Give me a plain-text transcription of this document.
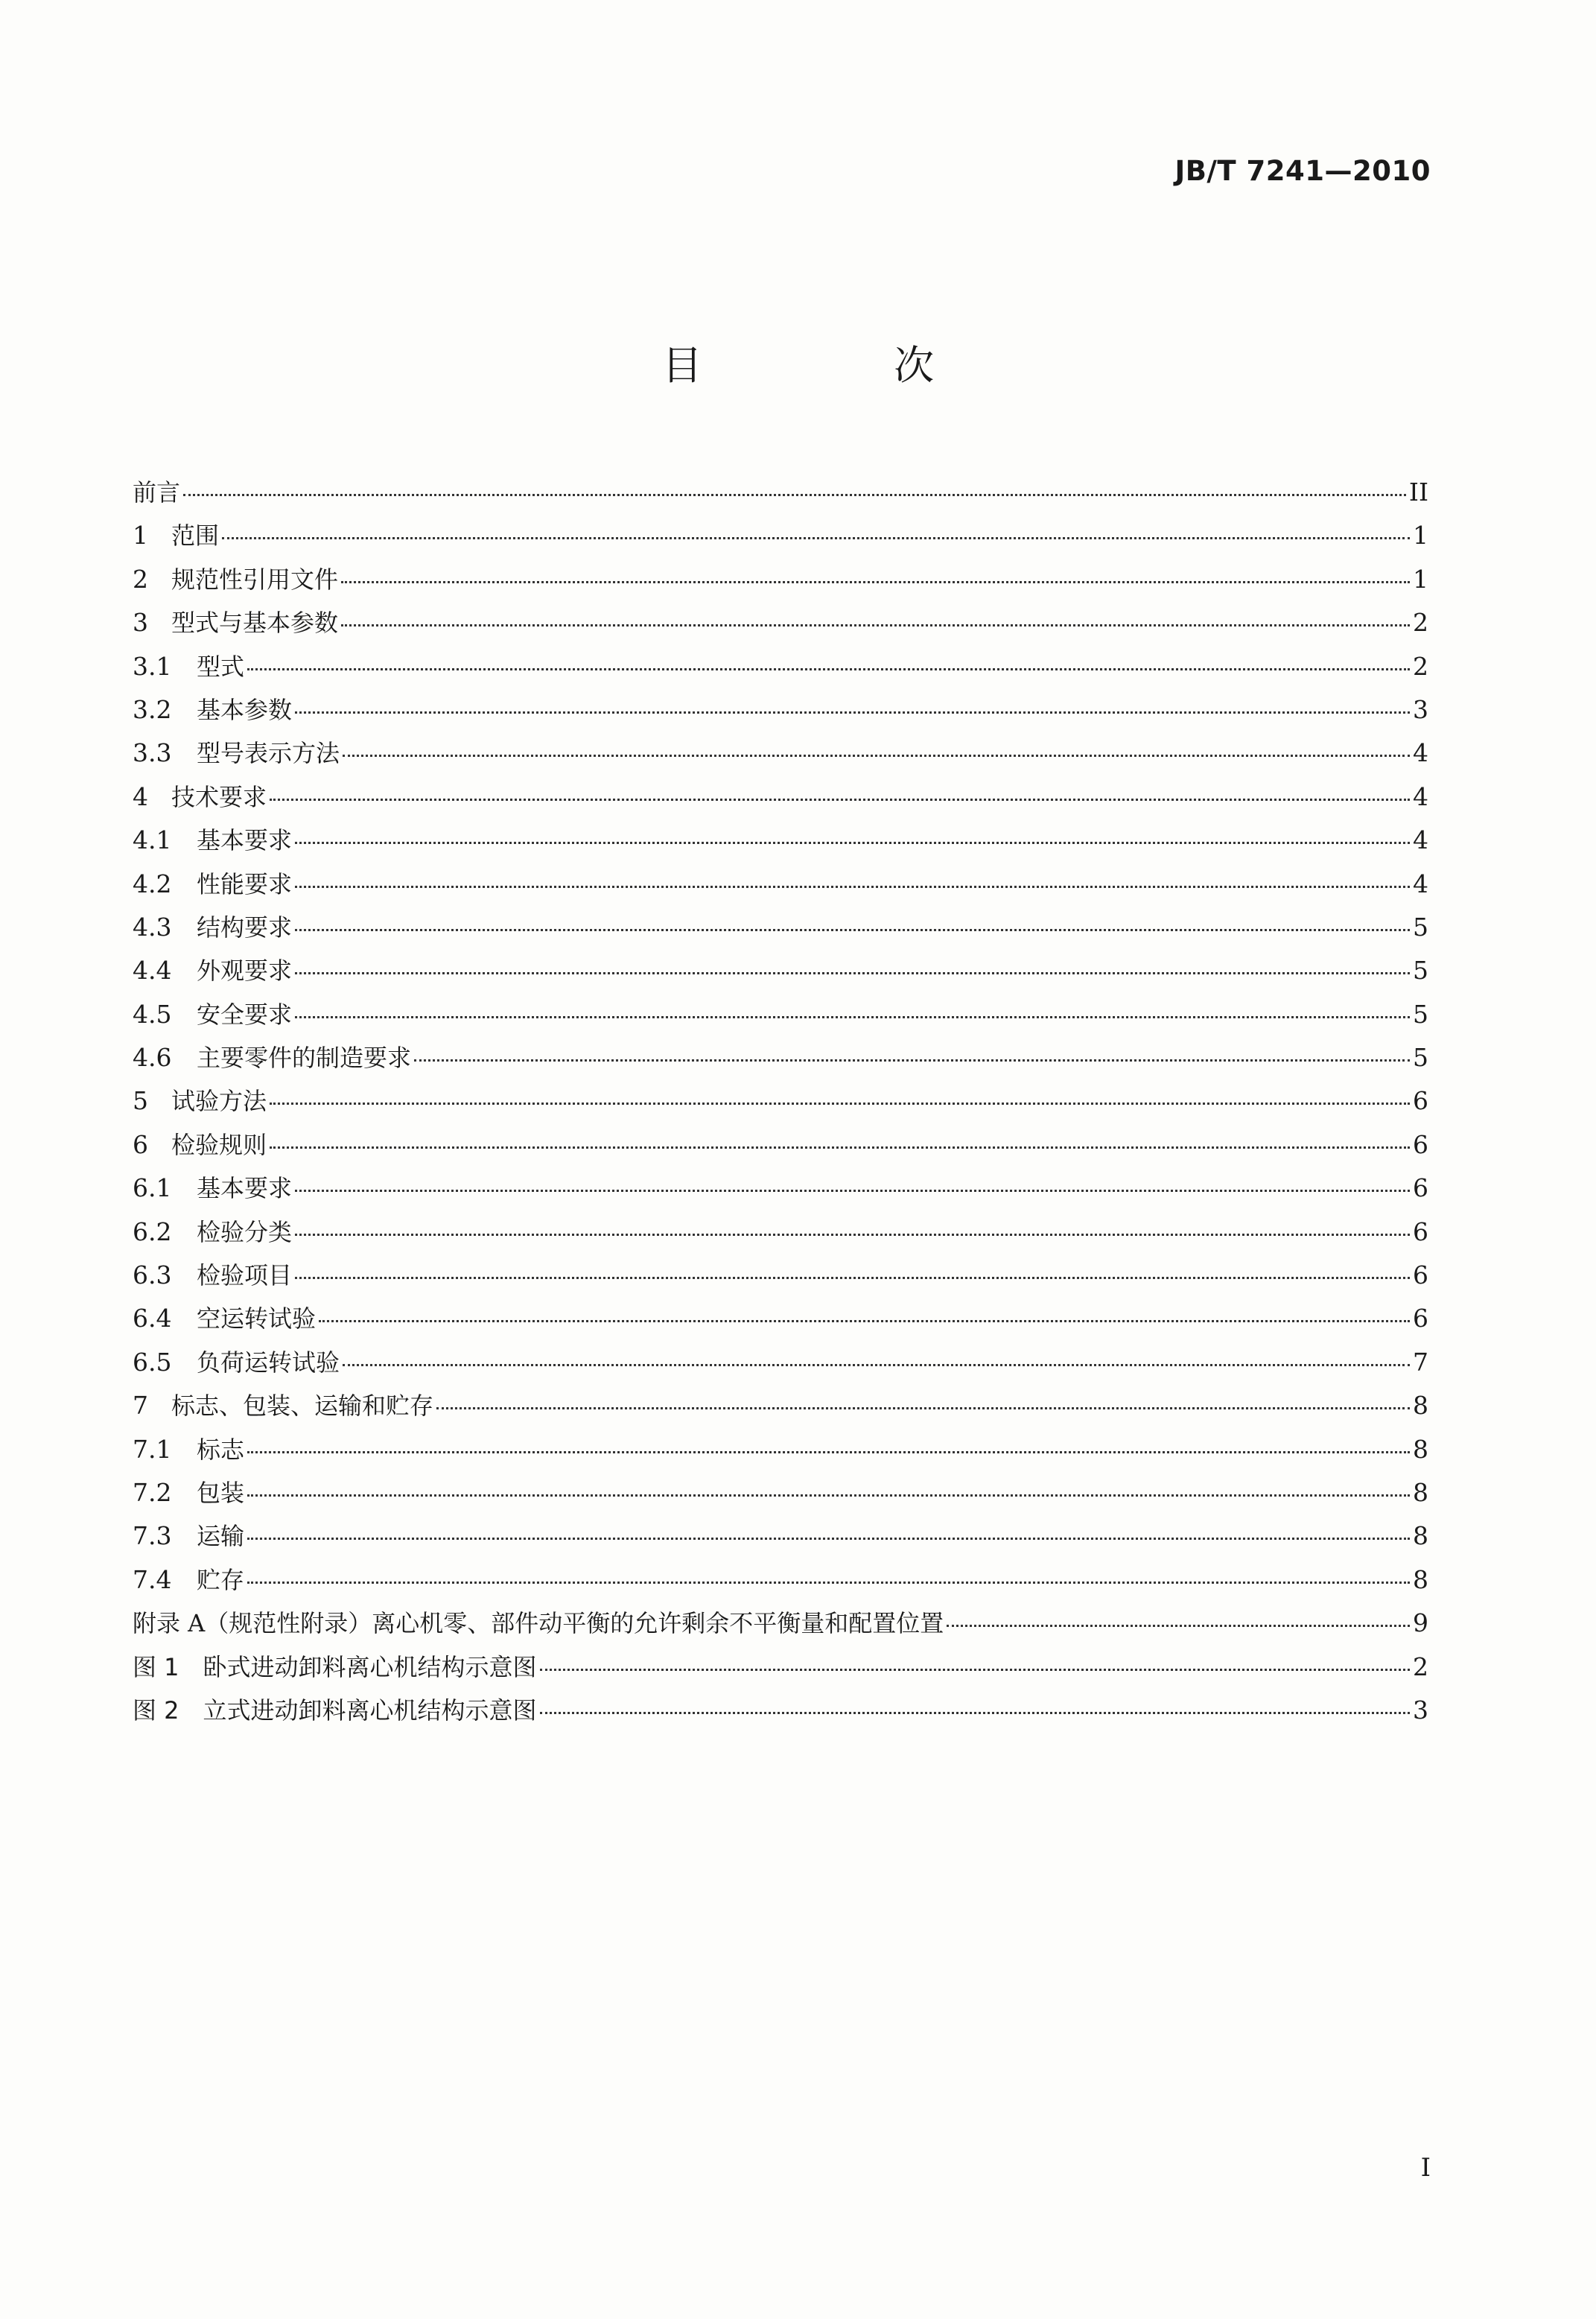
JB/T 7241—2010
目 次
前言	II
1 范围	1
2 规范性引用文件	1
3 型式与基本参数	2
3.1	型式	2
3.2	基本参数	3
3.3	型号表示方法	4
4 技术要求	4
4.1	基本要求	4
4.2	性能要求	4
4.3	结构要求	5
4.4	外观要求	5
4.5	安全要求	5
4.6	主要零件的制造要求	5
5 试验方法	6
6 检验规则	6
6.1	基本要求	6
6.2	检验分类	6
6.3	检验项目	6
6.4	空运转试验	6
6.5	负荷运转试验	7
7 标志、包装、运输和贮存	8
7.1	标志	8
7.2	包装	8
7.3	运输	8
7.4	贮存	8
附录 A（规范性附录）离心机零、部件动平衡的允许剩余不平衡量和配置位置	9
图 1　卧式进动卸料离心机结构示意图	2
图 2　立式进动卸料离心机结构示意图	3
I
